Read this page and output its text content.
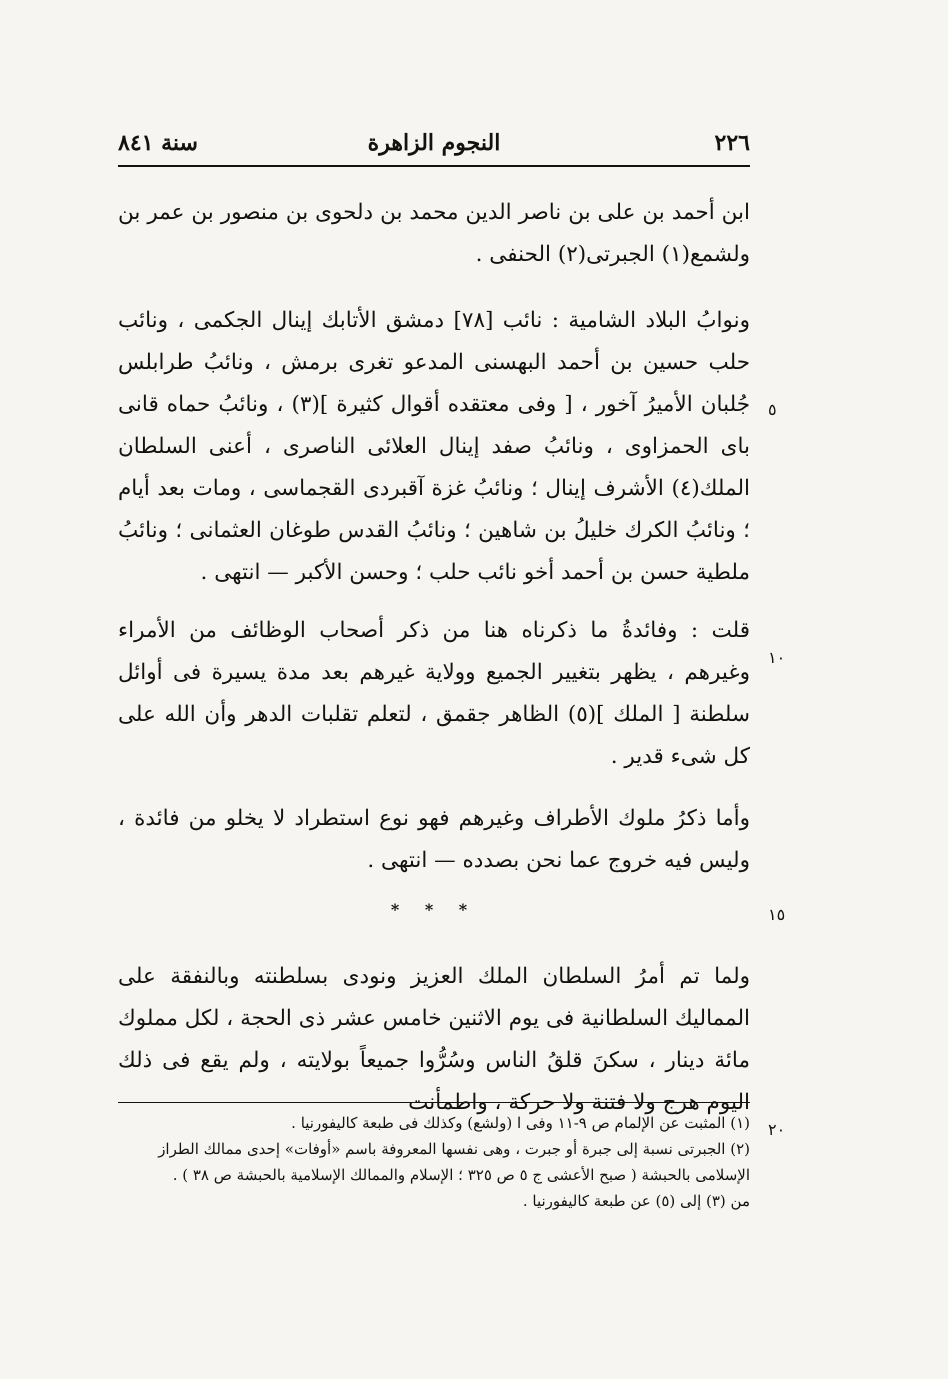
٢٢٦
النجوم الزاهرة
سنة ٨٤١
٥
١٠
١٥
٢٠

ابن أحمد بن على بن ناصر الدين محمد بن دلحوى بن منصور بن عمر بن ولشمع(١) الجبرتى(٢) الحنفى .

ونوابُ البلاد الشامية : نائب [٧٨] دمشق الأتابك إينال الجكمى ، ونائب حلب حسين بن أحمد البهسنى المدعو تغرى برمش ، ونائبُ طرابلس جُلبان الأميرُ آخور ، [ وفى معتقده أقوال كثيرة ](٣) ، ونائبُ حماه قانى باى الحمزاوى ، ونائبُ صفد إينال العلائى الناصرى ، أعنى السلطان الملك(٤) الأشرف إينال ؛ ونائبُ غزة آقبردى القجماسى ، ومات بعد أيام ؛ ونائبُ الكرك خليلُ بن شاهين ؛ ونائبُ القدس طوغان العثمانى ؛ ونائبُ ملطية حسن بن أحمد أخو نائب حلب ؛ وحسن الأكبر — انتهى .

قلت : وفائدةُ ما ذكرناه هنا من ذكر أصحاب الوظائف من الأمراء وغيرهم ، يظهر بتغيير الجميع وولاية غيرهم بعد مدة يسيرة فى أوائل سلطنة [ الملك ](٥) الظاهر جقمق ، لتعلم تقلبات الدهر وأن الله على كل شىء قدير .

وأما ذكرُ ملوك الأطراف وغيرهم فهو نوع استطراد لا يخلو من فائدة ، وليس فيه خروج عما نحن بصدده — انتهى .

ولما تم أمرُ السلطان الملك العزيز ونودى بسلطنته وبالنفقة على المماليك السلطانية فى يوم الاثنين خامس عشر ذى الحجة ، لكل مملوك مائة دينار ، سكنَ قلقُ الناس وسُرُّوا جميعاً بولايته ، ولم يقع فى ذلك اليوم هرج ولا فتنة ولا حركة ، واطمأنت

* * *

(١) المثبت عن الإلمام ص ٩-١١ وفى ا (ولشع) وكذلك فى طبعة كاليفورنيا .

(٢) الجبرتى نسبة إلى جبرة أو جبرت ، وهى نفسها المعروفة باسم «أوفات» إحدى ممالك الطراز الإسلامى بالحبشة ( صبح الأعشى ج ٥ ص ٣٢٥ ؛ الإسلام والممالك الإسلامية بالحبشة ص ٣٨ ) .

من (٣) إلى (٥) عن طبعة كاليفورنيا .
